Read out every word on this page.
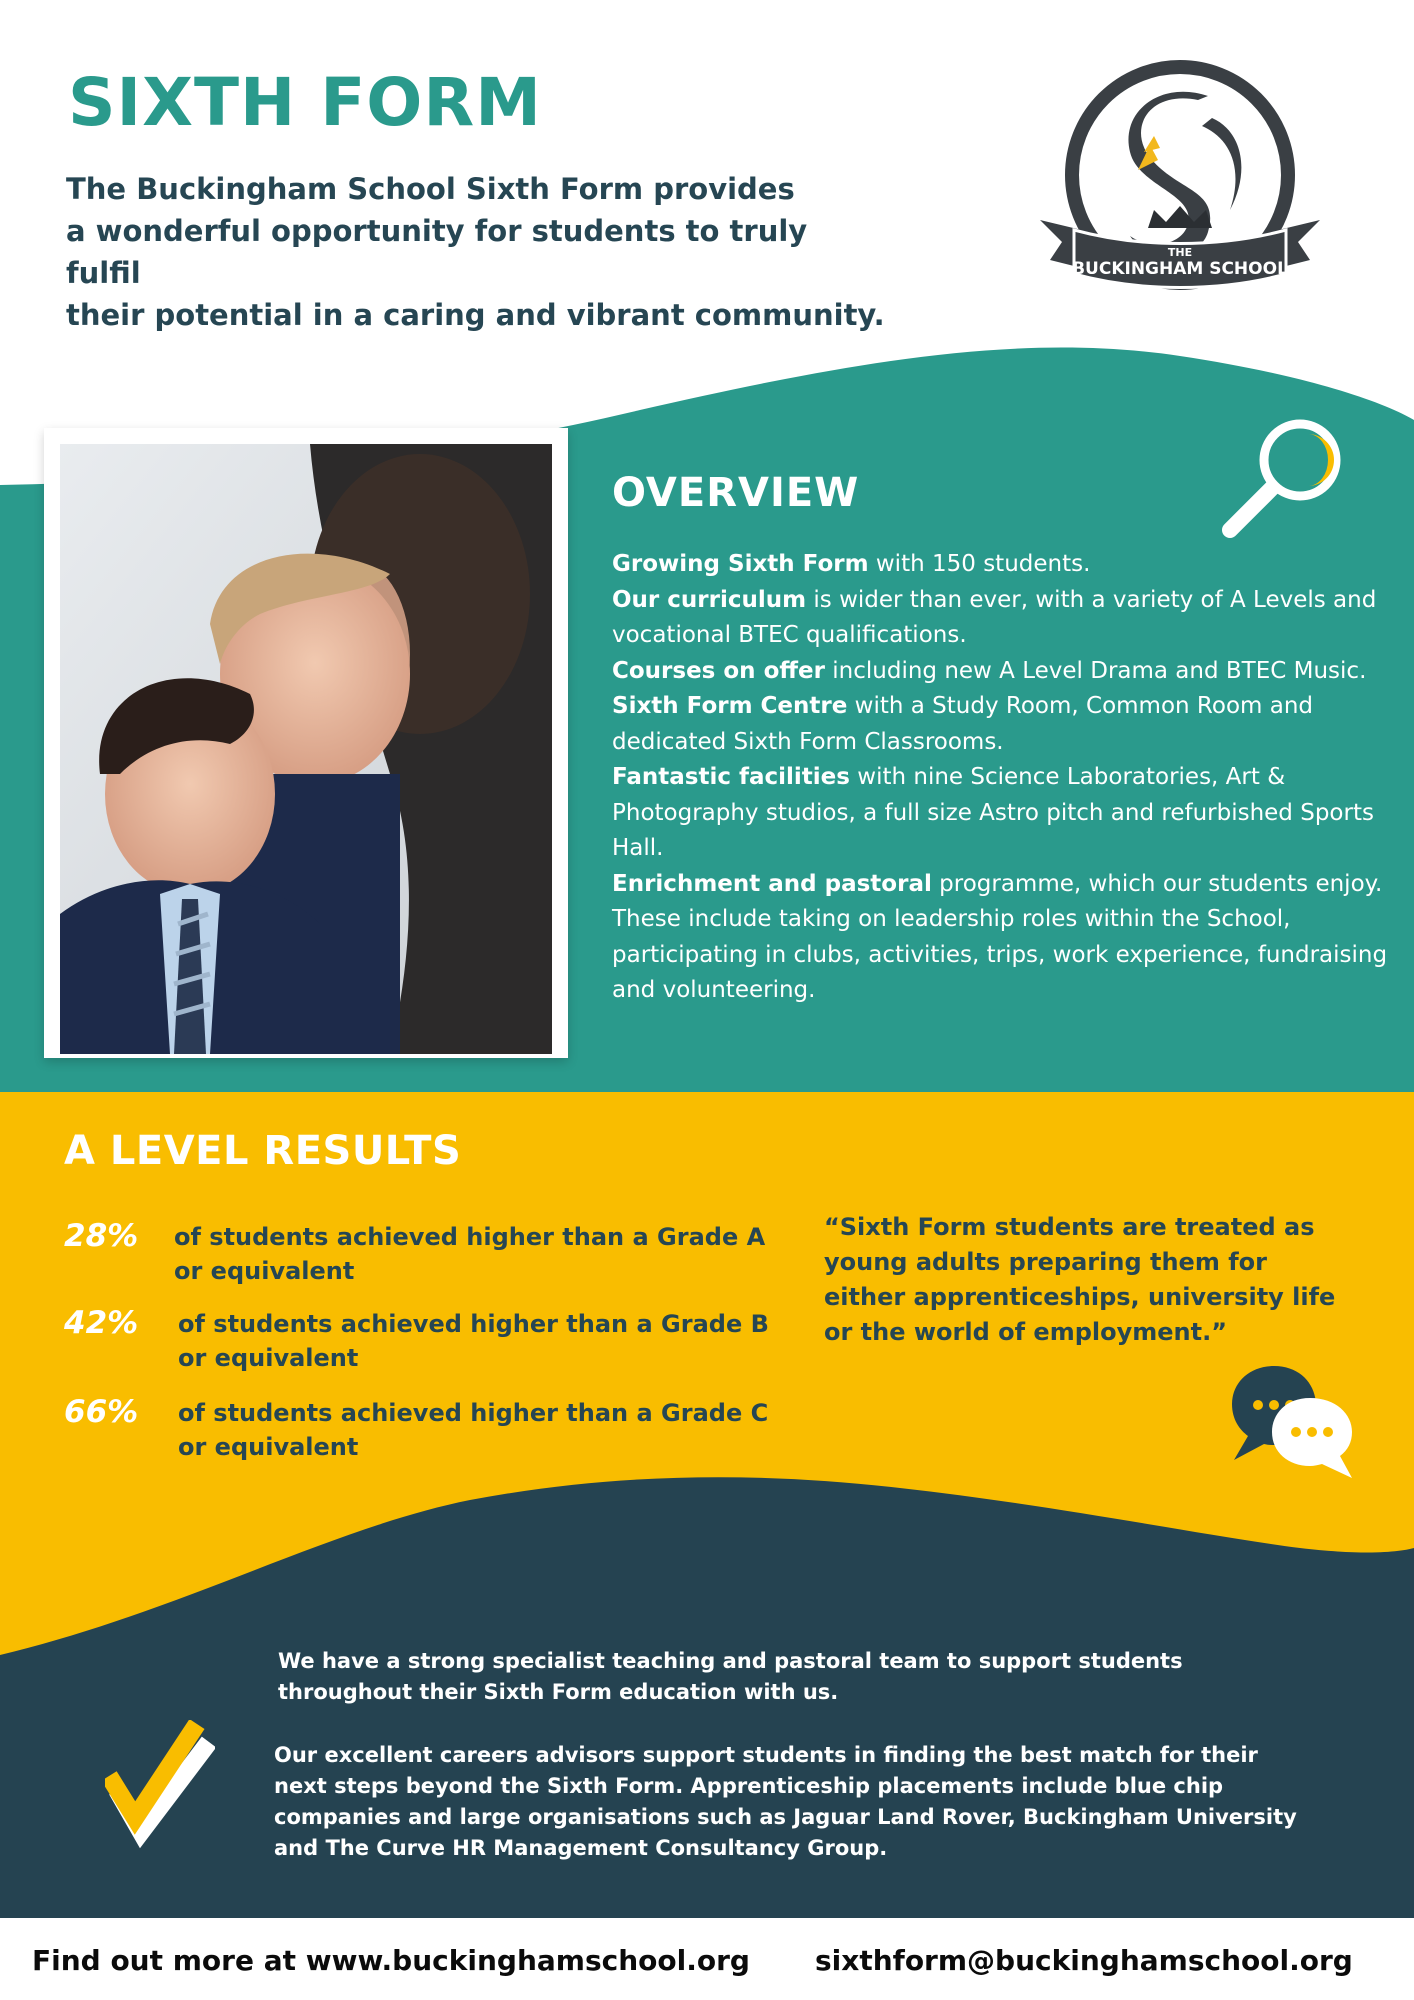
SIXTH FORM
The Buckingham School Sixth Form provides
a wonderful opportunity for students to truly fulfil
their potential in a caring and vibrant community.
THE
BUCKINGHAM SCHOOL
OVERVIEW
Growing Sixth Form with 150 students.
Our curriculum is wider than ever, with a variety of A Levels and vocational BTEC qualifications.
Courses on offer including new A Level Drama and BTEC Music.
Sixth Form Centre with a Study Room, Common Room and dedicated Sixth Form Classrooms.
Fantastic facilities with nine Science Laboratories, Art & Photography studios, a full size Astro pitch and refurbished Sports Hall.
Enrichment and pastoral programme, which our students enjoy. These include taking on leadership roles within the School, participating in clubs, activities, trips, work experience, fundraising and volunteering.
A LEVEL RESULTS
28% of students achieved higher than a Grade A or equivalent
42% of students achieved higher than a Grade B or equivalent
66% of students achieved higher than a Grade C or equivalent

“Sixth Form students are treated as young adults preparing them for either apprenticeships, university life or the world of employment.”

We have a strong specialist teaching and pastoral team to support students throughout their Sixth Form education with us.

Our excellent careers advisors support students in finding the best match for their next steps beyond the Sixth Form. Apprenticeship placements include blue chip companies and large organisations such as Jaguar Land Rover, Buckingham University and The Curve HR Management Consultancy Group.

Find out more at www.buckinghamschool.org sixthform@buckinghamschool.org
